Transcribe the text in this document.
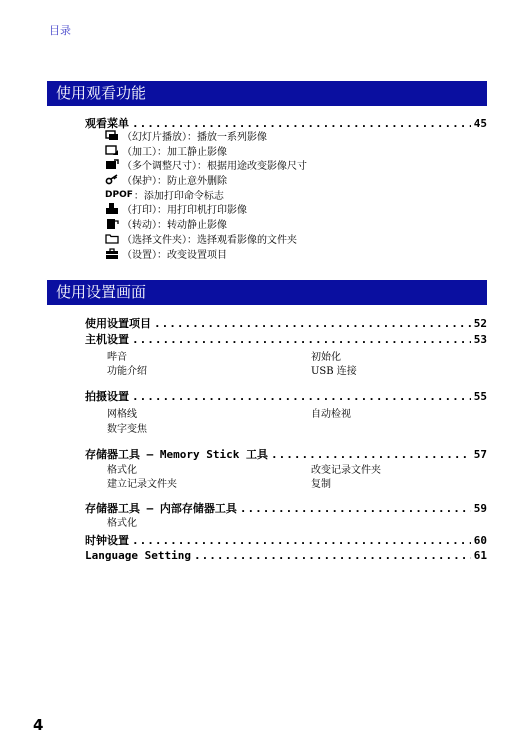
目录
使用观看功能
观看菜单 .....	45
（幻灯片播放）：播放一系列影像
（加工）：加工静止影像
（多个调整尺寸）：根据用途改变影像尺寸
（保护）：防止意外删除
DPOF ：添加打印命令标志
（打印）：用打印机打印影像
（转动）：转动静止影像
（选择文件夹）：选择观看影像的文件夹
（设置）：改变设置项目
使用设置画面
使用设置项目 .....	52
主机设置 .....	53
哔音	初始化
功能介绍	USB 连接
拍摄设置 .....	55
网格线	自动检视
数字变焦
存储器工具 — Memory Stick 工具 .....	57
格式化	改变记录文件夹
建立记录文件夹	复制
存储器工具 — 内部存储器工具 .....	59
格式化
时钟设置 .....	60
Language Setting .....	61
4
